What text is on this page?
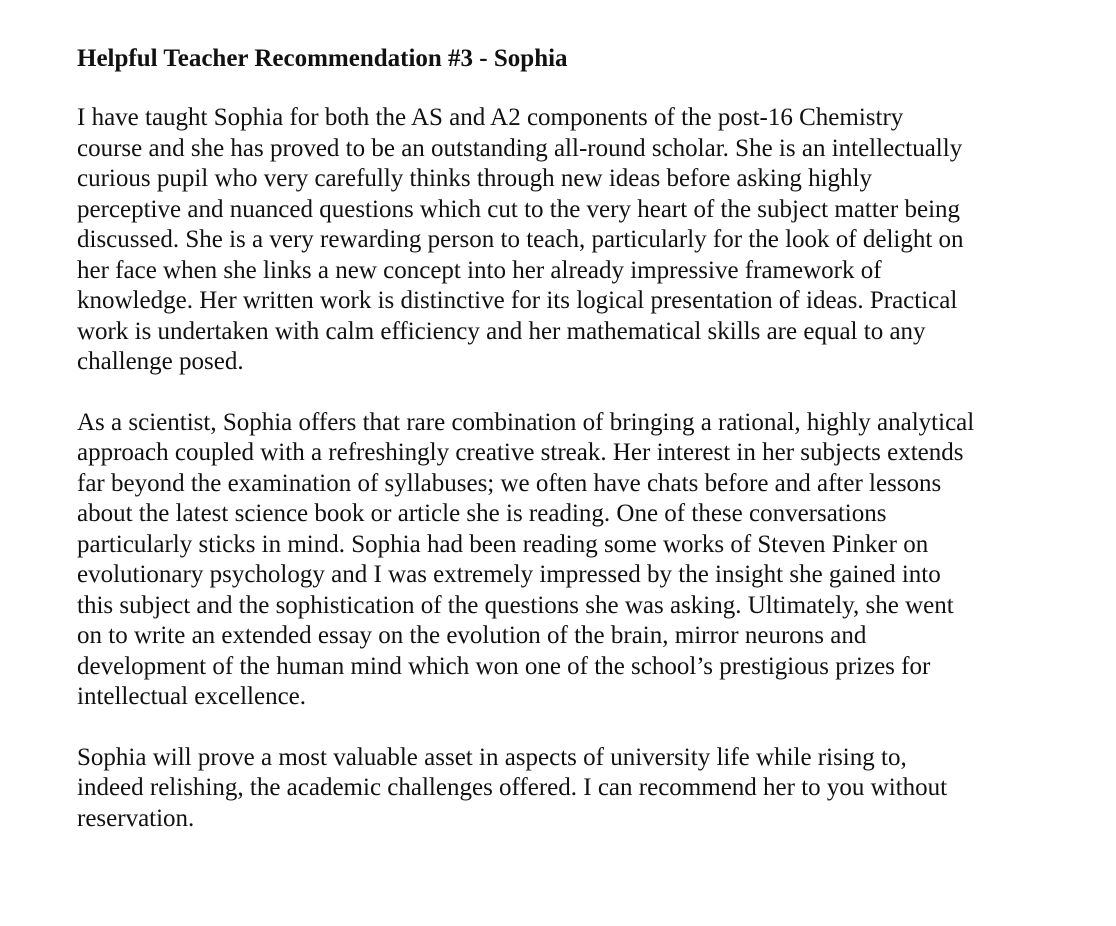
Helpful Teacher Recommendation #3 - Sophia
I have taught Sophia for both the AS and A2 components of the post-16 Chemistry
course and she has proved to be an outstanding all-round scholar. She is an intellectually
curious pupil who very carefully thinks through new ideas before asking highly
perceptive and nuanced questions which cut to the very heart of the subject matter being
discussed. She is a very rewarding person to teach, particularly for the look of delight on
her face when she links a new concept into her already impressive framework of
knowledge. Her written work is distinctive for its logical presentation of ideas. Practical
work is undertaken with calm efficiency and her mathematical skills are equal to any
challenge posed.
As a scientist, Sophia offers that rare combination of bringing a rational, highly analytical
approach coupled with a refreshingly creative streak. Her interest in her subjects extends
far beyond the examination of syllabuses; we often have chats before and after lessons
about the latest science book or article she is reading. One of these conversations
particularly sticks in mind. Sophia had been reading some works of Steven Pinker on
evolutionary psychology and I was extremely impressed by the insight she gained into
this subject and the sophistication of the questions she was asking. Ultimately, she went
on to write an extended essay on the evolution of the brain, mirror neurons and
development of the human mind which won one of the school’s prestigious prizes for
intellectual excellence.
Sophia will prove a most valuable asset in aspects of university life while rising to,
indeed relishing, the academic challenges offered. I can recommend her to you without
reservation.
